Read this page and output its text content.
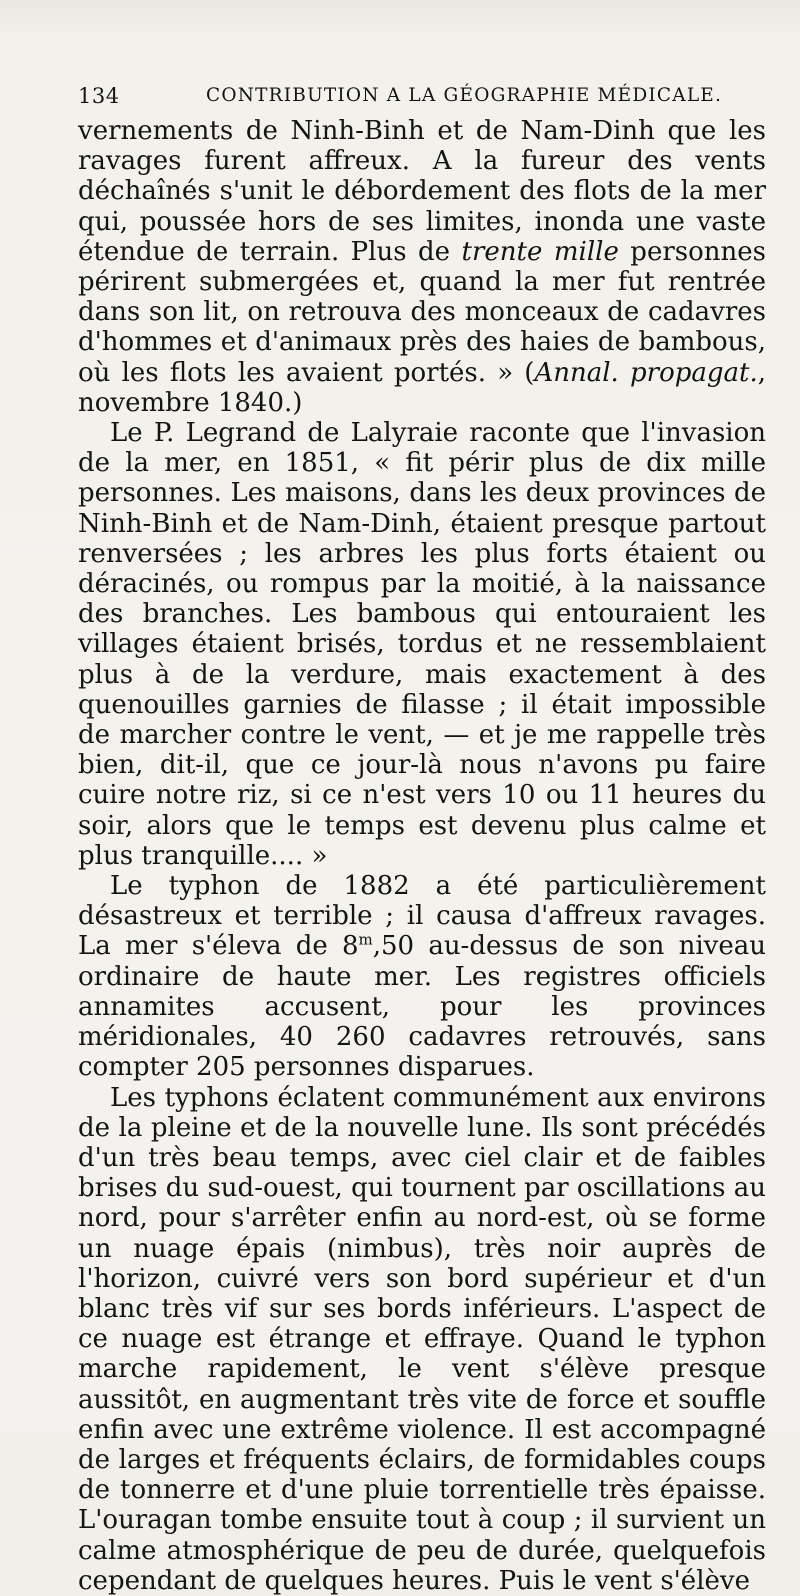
134	CONTRIBUTION A LA GÉOGRAPHIE MÉDICALE.

vernements de Ninh-Binh et de Nam-Dinh que les ravages furent affreux. A la fureur des vents déchaînés s'unit le débordement des flots de la mer qui, poussée hors de ses limites, inonda une vaste étendue de terrain. Plus de trente mille personnes périrent submergées et, quand la mer fut rentrée dans son lit, on retrouva des monceaux de cadavres d'hommes et d'animaux près des haies de bambous, où les flots les avaient portés. » (Annal. propagat., novembre 1840.)

Le P. Legrand de Lalyraie raconte que l'invasion de la mer, en 1851, « fit périr plus de dix mille personnes. Les maisons, dans les deux provinces de Ninh-Binh et de Nam-Dinh, étaient presque partout renversées ; les arbres les plus forts étaient ou déracinés, ou rompus par la moitié, à la naissance des branches. Les bambous qui entouraient les villages étaient brisés, tordus et ne ressemblaient plus à de la verdure, mais exactement à des quenouilles garnies de filasse ; il était impossible de marcher contre le vent, — et je me rappelle très bien, dit-il, que ce jour-là nous n'avons pu faire cuire notre riz, si ce n'est vers 10 ou 11 heures du soir, alors que le temps est devenu plus calme et plus tranquille.... »

Le typhon de 1882 a été particulièrement désastreux et terrible ; il causa d'affreux ravages. La mer s'éleva de 8$^m$,50 au-dessus de son niveau ordinaire de haute mer. Les registres officiels annamites accusent, pour les provinces méridionales, 40 260 cadavres retrouvés, sans compter 205 personnes disparues.

Les typhons éclatent communément aux environs de la pleine et de la nouvelle lune. Ils sont précédés d'un très beau temps, avec ciel clair et de faibles brises du sud-ouest, qui tournent par oscillations au nord, pour s'arrêter enfin au nord-est, où se forme un nuage épais (nimbus), très noir auprès de l'horizon, cuivré vers son bord supérieur et d'un blanc très vif sur ses bords inférieurs. L'aspect de ce nuage est étrange et effraye. Quand le typhon marche rapidement, le vent s'élève presque aussitôt, en augmentant très vite de force et souffle enfin avec une extrême violence. Il est accompagné de larges et fréquents éclairs, de formidables coups de tonnerre et d'une pluie torrentielle très épaisse. L'ouragan tombe ensuite tout à coup ; il survient un calme atmosphérique de peu de durée, quelquefois cependant de quelques heures. Puis le vent s'élève
